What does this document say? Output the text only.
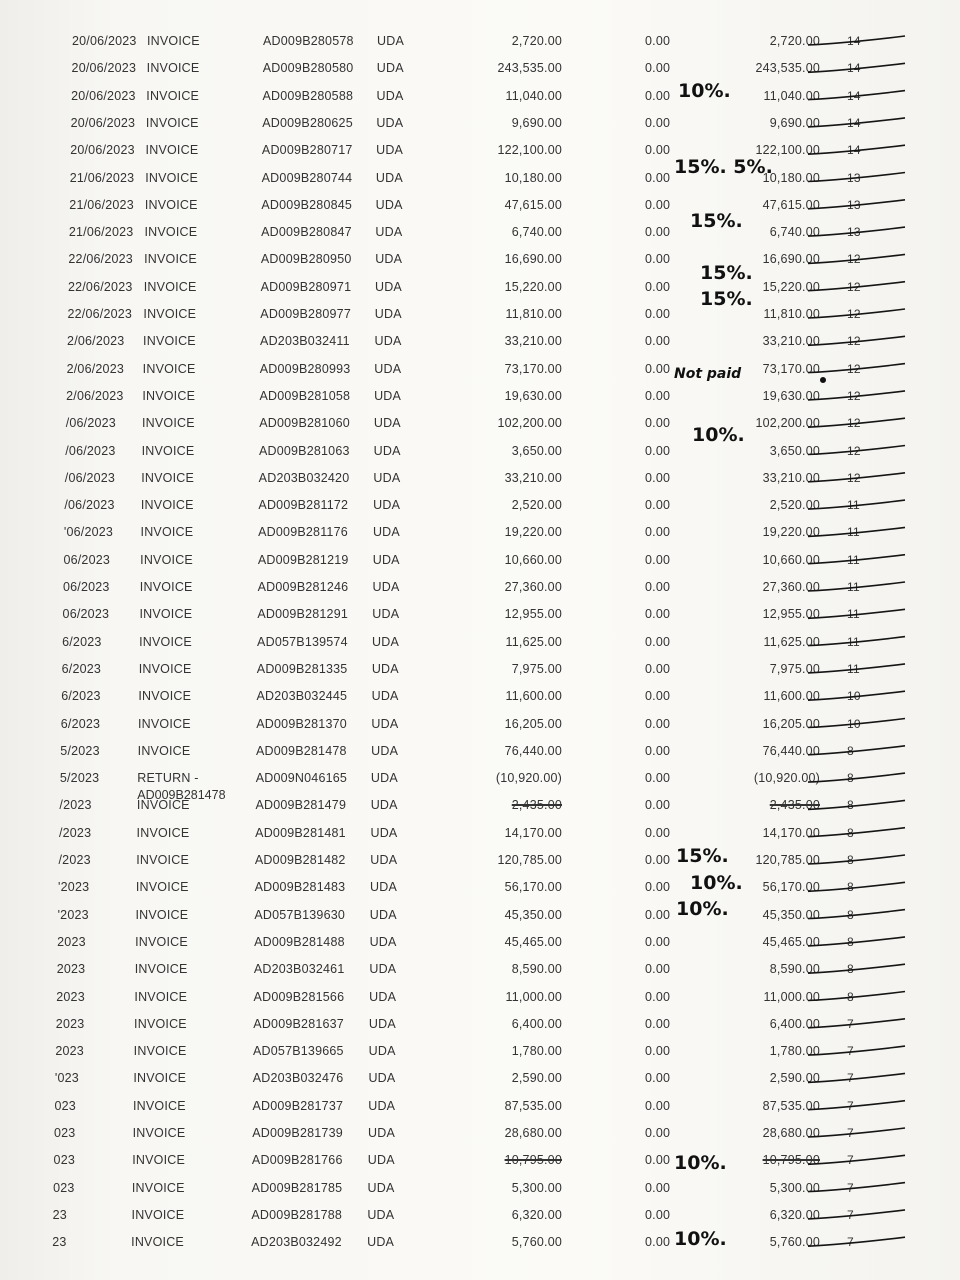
20/06/2023 INVOICE	AD009B280578 UDA	2,720.00	0.00	2,720.00 14
20/06/2023 INVOICE	AD009B280580 UDA	243,535.00	0.00	243,535.00 14
20/06/2023 INVOICE	AD009B280588 UDA	11,040.00	0.00	11,040.00 14
20/06/2023 INVOICE	AD009B280625 UDA	9,690.00	0.00	9,690.00 14
20/06/2023 INVOICE	AD009B280717 UDA	122,100.00	0.00	122,100.00 14
21/06/2023 INVOICE	AD009B280744 UDA	10,180.00	0.00	10,180.00 13
21/06/2023 INVOICE	AD009B280845 UDA	47,615.00	0.00	47,615.00 13
21/06/2023 INVOICE	AD009B280847 UDA	6,740.00	0.00	6,740.00 13
22/06/2023 INVOICE	AD009B280950 UDA	16,690.00	0.00	16,690.00 12
22/06/2023 INVOICE	AD009B280971 UDA	15,220.00	0.00	15,220.00 12
22/06/2023 INVOICE	AD009B280977 UDA	11,810.00	0.00	11,810.00 12
2/06/2023 INVOICE	AD203B032411 UDA	33,210.00	0.00	33,210.00 12
2/06/2023 INVOICE	AD009B280993 UDA	73,170.00	0.00	73,170.00 12
2/06/2023 INVOICE	AD009B281058 UDA	19,630.00	0.00	19,630.00 12
/06/2023 INVOICE	AD009B281060 UDA	102,200.00	0.00	102,200.00 12
/06/2023 INVOICE	AD009B281063 UDA	3,650.00	0.00	3,650.00 12
/06/2023 INVOICE	AD203B032420 UDA	33,210.00	0.00	33,210.00 12
/06/2023 INVOICE	AD009B281172 UDA	2,520.00	0.00	2,520.00 11
'06/2023 INVOICE	AD009B281176 UDA	19,220.00	0.00	19,220.00 11
06/2023 INVOICE	AD009B281219 UDA	10,660.00	0.00	10,660.00 11
06/2023 INVOICE	AD009B281246 UDA	27,360.00	0.00	27,360.00 11
06/2023 INVOICE	AD009B281291 UDA	12,955.00	0.00	12,955.00 11
6/2023	INVOICE	AD057B139574 UDA	11,625.00	0.00	11,625.00 11
6/2023	INVOICE	AD009B281335 UDA	7,975.00	0.00	7,975.00 11
6/2023	INVOICE	AD203B032445 UDA	11,600.00	0.00	11,600.00 10
6/2023	INVOICE	AD009B281370 UDA	16,205.00	0.00	16,205.00 10
5/2023	INVOICE	AD009B281478 UDA	76,440.00	0.00	76,440.00 8
5/2023	RETURN -	AD009N046165 UDA	(10,920.00)	0.00	(10,920.00) 8
AD009B281478
/2023	INVOICE	AD009B281479 UDA	2,435.00	0.00	2,435.00 8
/2023	INVOICE	AD009B281481 UDA	14,170.00	0.00	14,170.00 8
/2023	INVOICE	AD009B281482 UDA	120,785.00	0.00	120,785.00 8
'2023	INVOICE	AD009B281483 UDA	56,170.00	0.00	56,170.00 8
'2023	INVOICE	AD057B139630 UDA	45,350.00	0.00	45,350.00 8
2023	INVOICE	AD009B281488 UDA	45,465.00	0.00	45,465.00 8
2023	INVOICE	AD203B032461 UDA	8,590.00	0.00	8,590.00 8
2023	INVOICE	AD009B281566 UDA	11,000.00	0.00	11,000.00 8
2023	INVOICE	AD009B281637 UDA	6,400.00	0.00	6,400.00 7
2023	INVOICE	AD057B139665 UDA	1,780.00	0.00	1,780.00 7
'023	INVOICE	AD203B032476 UDA	2,590.00	0.00	2,590.00 7
023	INVOICE	AD009B281737 UDA	87,535.00	0.00	87,535.00 7
023	INVOICE	AD009B281739 UDA	28,680.00	0.00	28,680.00 7
023	INVOICE	AD009B281766 UDA	10,795.00	0.00	10,795.00 7
023	INVOICE	AD009B281785 UDA	5,300.00	0.00	5,300.00 7
23	INVOICE	AD009B281788 UDA	6,320.00	0.00	6,320.00 7
23	INVOICE	AD203B032492 UDA	5,760.00	0.00	5,760.00 7
10%.
15%. 5%.
15%.
15%.
15%.
Not paid
10%.
15%.
10%.
10%.
10%.
10%.
